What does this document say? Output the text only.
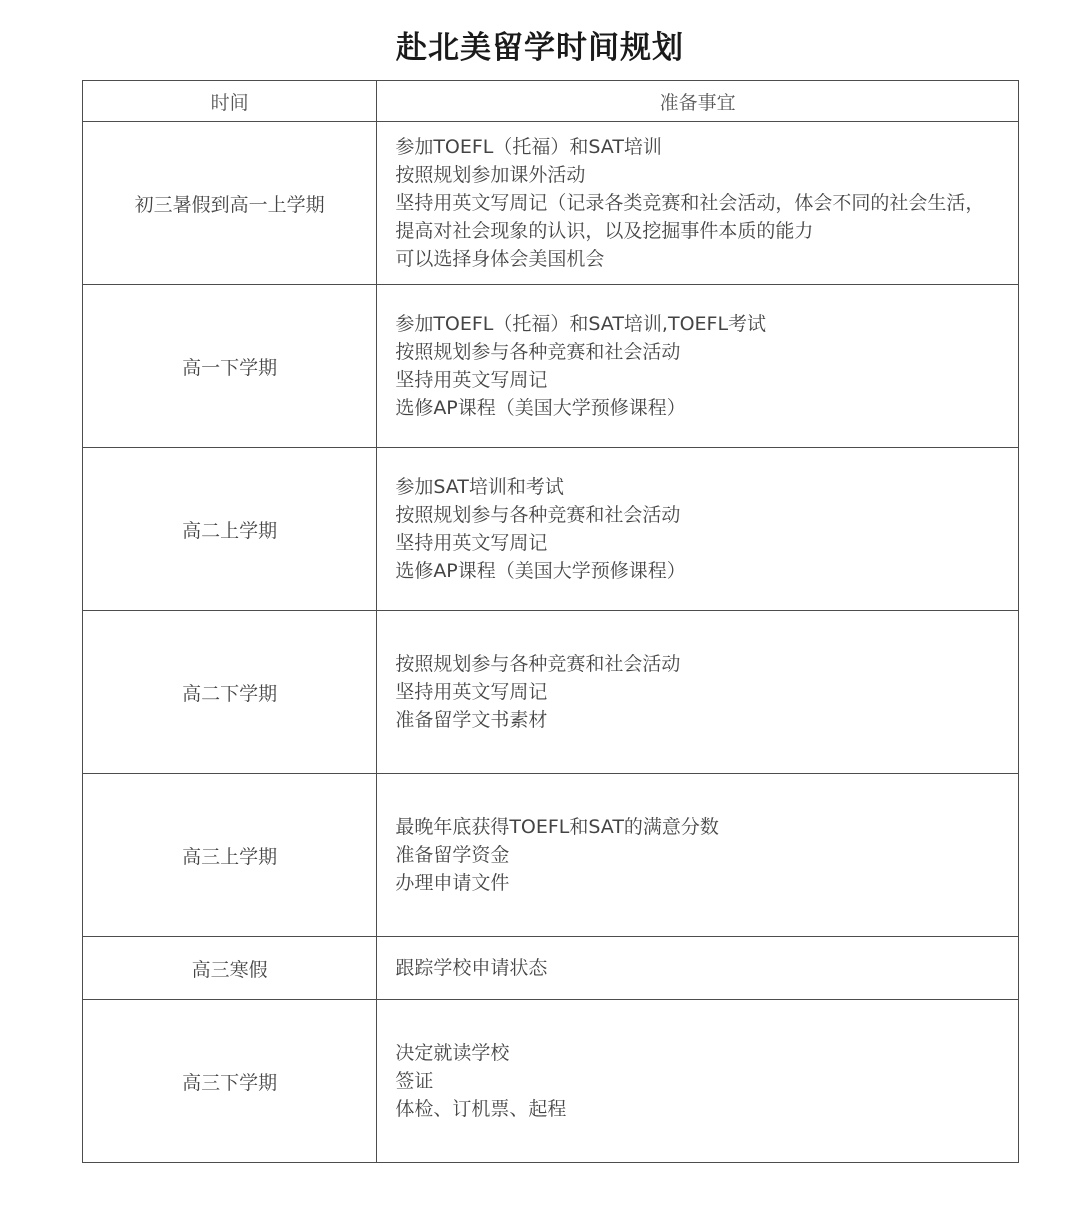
赴北美留学时间规划
时间	准备事宜
初三暑假到高一上学期	参加TOEFL（托福）和SAT培训
按照规划参加课外活动
坚持用英文写周记（记录各类竞赛和社会活动，体会不同的社会生活，提高对社会现象的认识，以及挖掘事件本质的能力
可以选择身体会美国机会

高一下学期	参加TOEFL（托福）和SAT培训,TOEFL考试
按照规划参与各种竞赛和社会活动
坚持用英文写周记
选修AP课程（美国大学预修课程）

高二上学期	参加SAT培训和考试
按照规划参与各种竞赛和社会活动
坚持用英文写周记
选修AP课程（美国大学预修课程）

高二下学期	按照规划参与各种竞赛和社会活动
坚持用英文写周记
准备留学文书素材

高三上学期	最晚年底获得TOEFL和SAT的满意分数
准备留学资金
办理申请文件

高三寒假	跟踪学校申请状态

高三下学期	决定就读学校
签证
体检、订机票、起程
